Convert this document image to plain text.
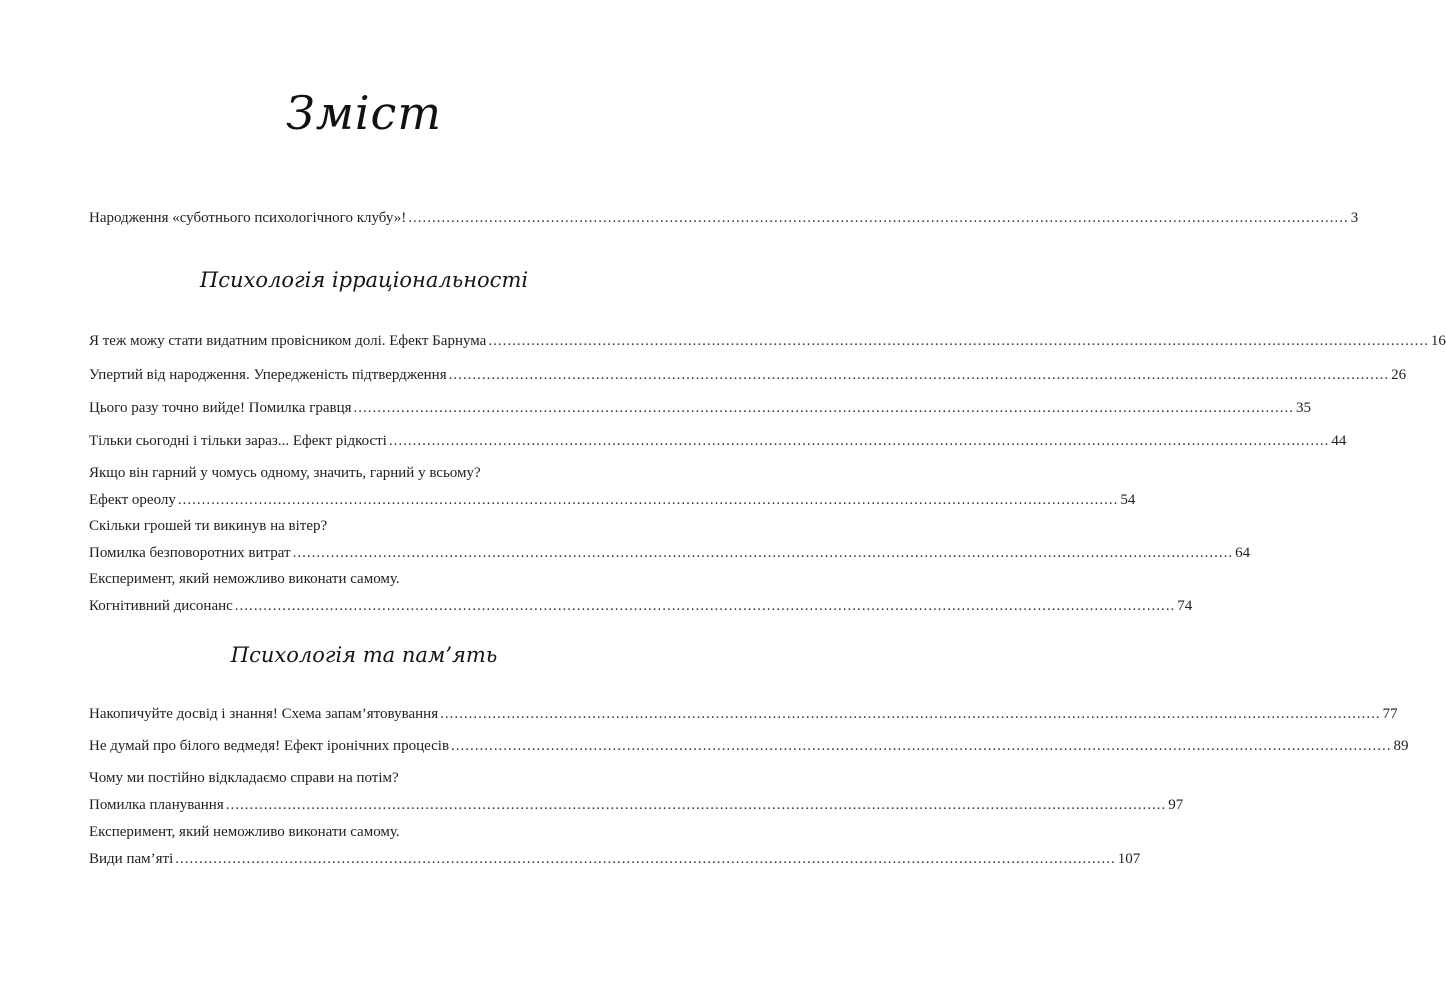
Зміст
Народження «суботнього психологічного клубу»! .....	3
Психологія ірраціональності
Я теж можу стати видатним провісником долі. Ефект Барнума .....	16
Упертий від народження. Упередженість підтвердження .....	26
Цього разу точно вийде! Помилка гравця .....	35
Тільки сьогодні і тільки зараз... Ефект рідкості .....	44
Якщо він гарний у чомусь одному, значить, гарний у всьому?
Ефект ореолу .....	54
Скільки грошей ти викинув на вітер?
Помилка безповоротних витрат .....	64
Експеримент, який неможливо виконати самому.
Когнітивний дисонанс .....	74
Психологія та пам’ять
Накопичуйте досвід і знання! Схема запам’ятовування .....	77
Не думай про білого ведмедя! Ефект іронічних процесів .....	89
Чому ми постійно відкладаємо справи на потім?
Помилка планування .....	97
Експеримент, який неможливо виконати самому.
Види пам’яті .....	107
